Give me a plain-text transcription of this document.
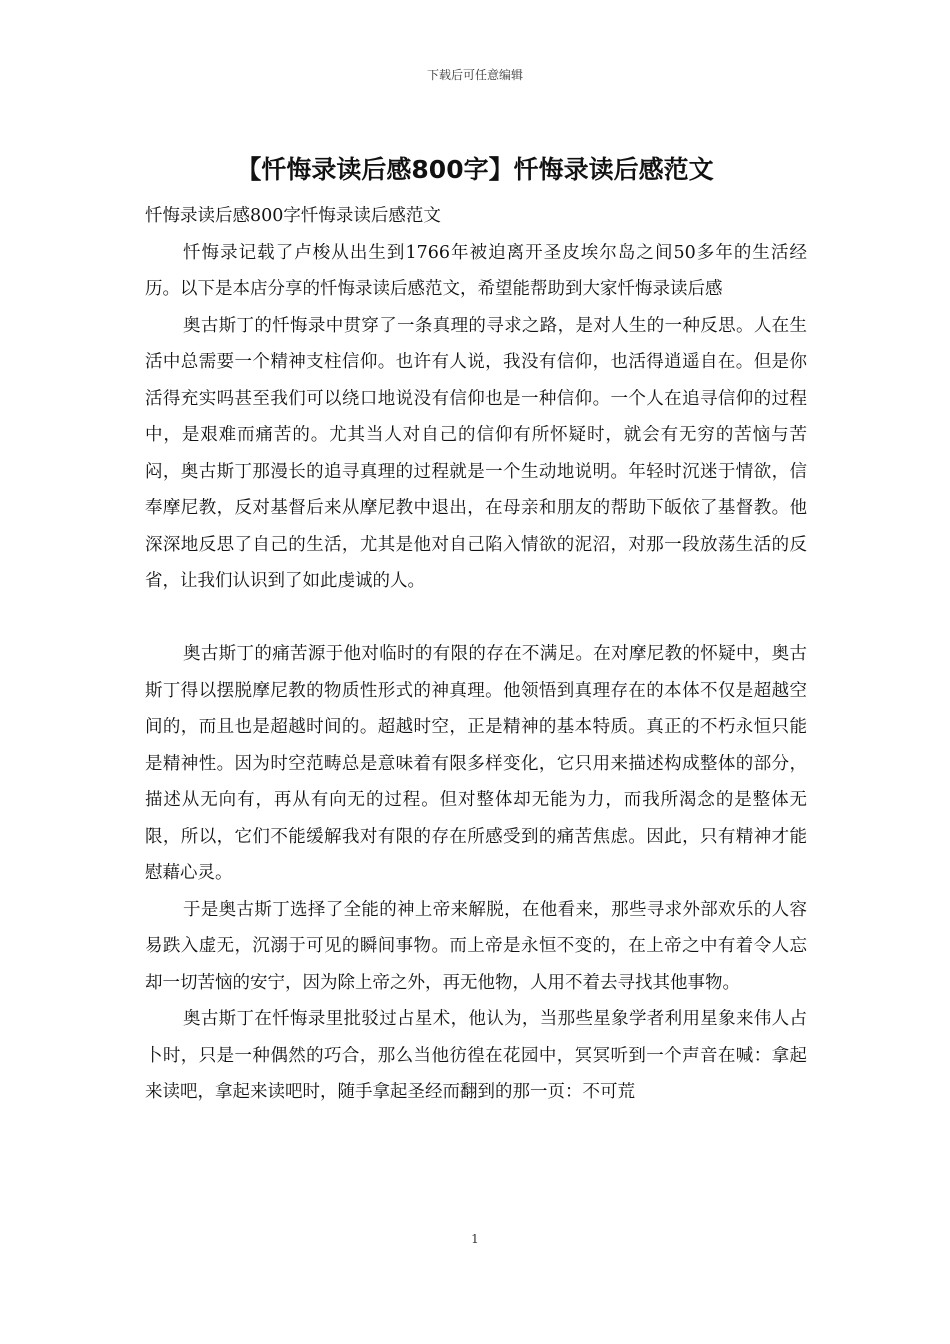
下载后可任意编辑
【忏悔录读后感800字】忏悔录读后感范文

忏悔录读后感800字忏悔录读后感范文

忏悔录记载了卢梭从出生到1766年被迫离开圣皮埃尔岛之间50多年的生活经历。以下是本店分享的忏悔录读后感范文，希望能帮助到大家忏悔录读后感

奥古斯丁的忏悔录中贯穿了一条真理的寻求之路，是对人生的一种反思。人在生活中总需要一个精神支柱信仰。也许有人说，我没有信仰，也活得逍遥自在。但是你活得充实吗甚至我们可以绕口地说没有信仰也是一种信仰。一个人在追寻信仰的过程中，是艰难而痛苦的。尤其当人对自己的信仰有所怀疑时，就会有无穷的苦恼与苦闷，奥古斯丁那漫长的追寻真理的过程就是一个生动地说明。年轻时沉迷于情欲，信奉摩尼教，反对基督后来从摩尼教中退出，在母亲和朋友的帮助下皈依了基督教。他深深地反思了自己的生活，尤其是他对自己陷入情欲的泥沼，对那一段放荡生活的反省，让我们认识到了如此虔诚的人。

奥古斯丁的痛苦源于他对临时的有限的存在不满足。在对摩尼教的怀疑中，奥古斯丁得以摆脱摩尼教的物质性形式的神真理。他领悟到真理存在的本体不仅是超越空间的，而且也是超越时间的。超越时空，正是精神的基本特质。真正的不朽永恒只能是精神性。因为时空范畴总是意味着有限多样变化，它只用来描述构成整体的部分，描述从无向有，再从有向无的过程。但对整体却无能为力，而我所渴念的是整体无限，所以，它们不能缓解我对有限的存在所感受到的痛苦焦虑。因此，只有精神才能慰藉心灵。

于是奥古斯丁选择了全能的神上帝来解脱，在他看来，那些寻求外部欢乐的人容易跌入虚无，沉溺于可见的瞬间事物。而上帝是永恒不变的，在上帝之中有着令人忘却一切苦恼的安宁，因为除上帝之外，再无他物，人用不着去寻找其他事物。

奥古斯丁在忏悔录里批驳过占星术，他认为，当那些星象学者利用星象来伟人占卜时，只是一种偶然的巧合，那么当他彷徨在花园中，冥冥听到一个声音在喊：拿起来读吧，拿起来读吧时，随手拿起圣经而翻到的那一页：不可荒

1
